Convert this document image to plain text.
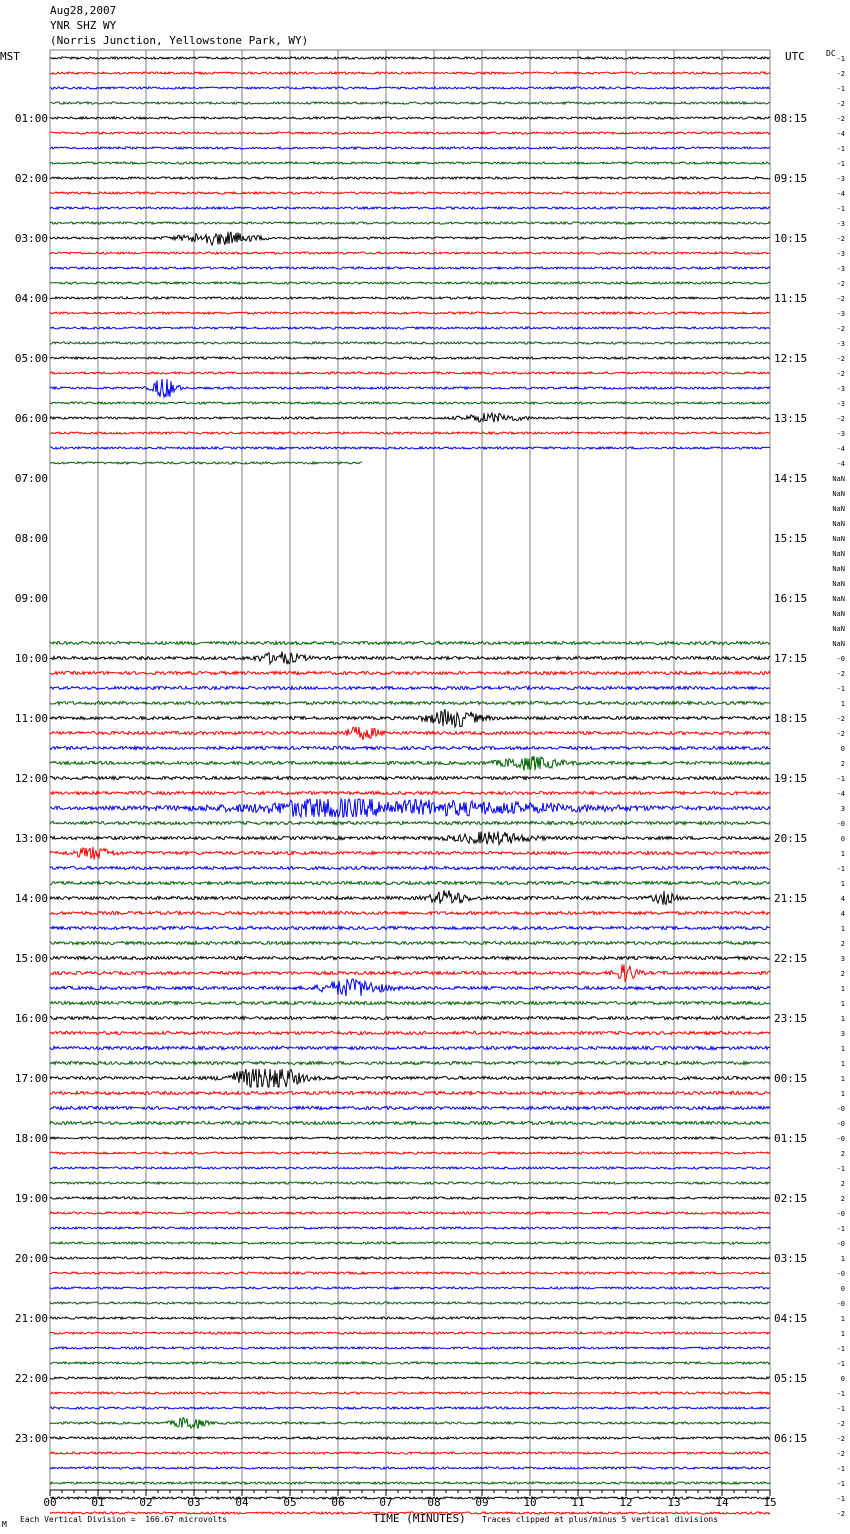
00	01	02	03	04	05	06	07	08	09	10	11	12	13	14	15
01:00
02:00
03:00
04:00
05:00
06:00
07:00
08:00
09:00
10:00
11:00
12:00
13:00
14:00
15:00
16:00
17:00
18:00
19:00
20:00
21:00
22:00
23:00
08:15
09:15
10:15
11:15
12:15
13:15
14:15
15:15
16:15
17:15
18:15
19:15
20:15
21:15
22:15
23:15
00:15
01:15
02:15
03:15
04:15
05:15
06:15
-1
-2
-1
-2
-2
-4
-1
-1
-3
-4
-1
-3
-2
-3
-3
-2
-2
-3
-2
-3
-2
-2
-3
-3
-2
-3
-4
-4
NaN
NaN
NaN
NaN
NaN
NaN
NaN
NaN
NaN
NaN
NaN
NaN
-0
-2
-1
1
-2
-2
0
2
-1
-4
3
-0
0
1
-1
1
4
4
1
2
3
2
1
1
1
3
1
1
1
1
-0
-0
-0
2
-1
2
2
-0
-1
-0
1
-0
0
-0
1
1
-1
-1
0
-1
-1
-2
-2
-2
-1
-1
-1
-2
Aug28,2007
YNR SHZ WY
(Norris Junction, Yellowstone Park, WY)
MST	UTC	DC
Each Vertical Division =  166.67 microvolts	TIME (MINUTES) Traces clipped at plus/minus 5 vertical divisions
M
